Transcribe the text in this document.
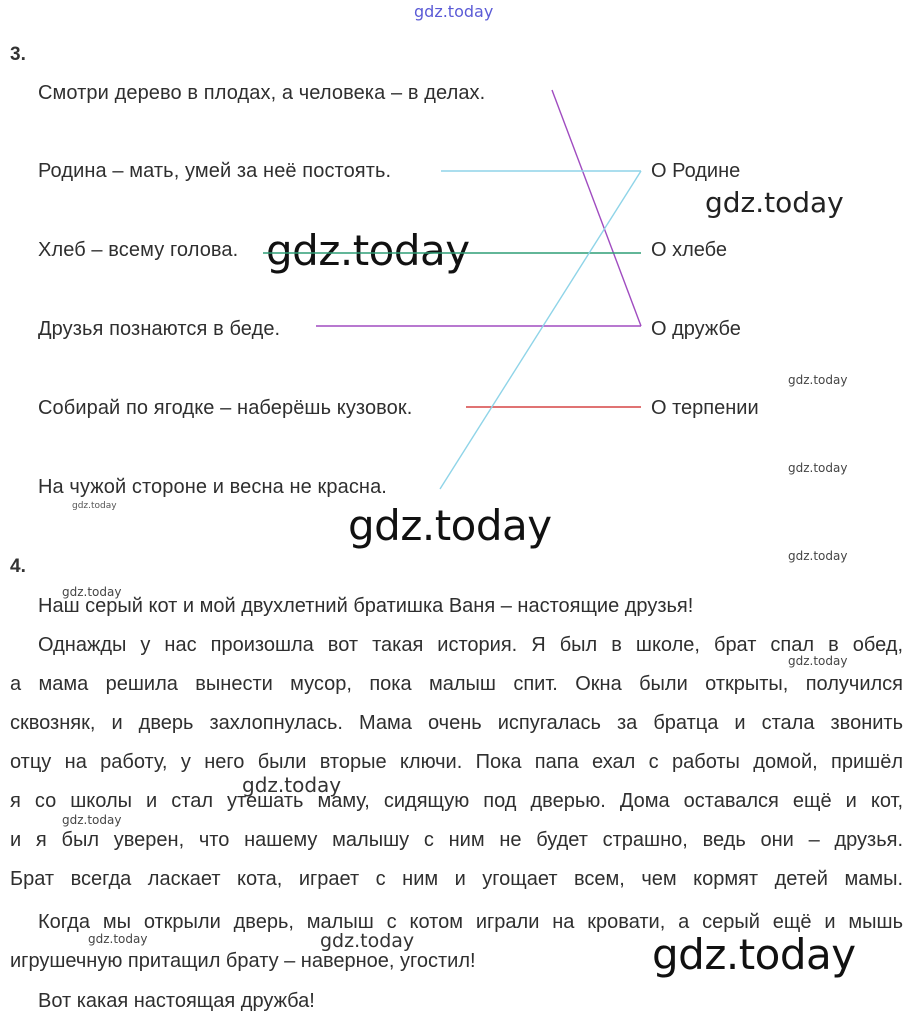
gdz.today
gdz.today
gdz.today
gdz.today
gdz.today
gdz.today	gdz.today
gdz.today
gdz.today
gdz.today
gdz.today
gdz.today
gdz.today	gdz.today	gdz.today
3.
Смотри дерево в плодах, а человека – в делах.
Родина – мать, умей за неё постоять.
Хлеб – всему голова.
Друзья познаются в беде.
Собирай по ягодке – наберёшь кузовок.
На чужой стороне и весна не красна.
О Родине
О хлебе
О дружбе
О терпении
4.
Наш серый кот и мой двухлетний братишка Ваня – настоящие друзья!
Однажды у нас произошла вот такая история. Я был в школе, брат спал в обед,
а мама решила вынести мусор, пока малыш спит. Окна были открыты, получился
сквозняк, и дверь захлопнулась. Мама очень испугалась за братца и стала звонить
отцу на работу, у него были вторые ключи. Пока папа ехал с работы домой, пришёл
я со школы и стал утешать маму, сидящую под дверью. Дома оставался ещё и кот,
и я был уверен, что нашему малышу с ним не будет страшно, ведь они – друзья.
Брат всегда ласкает кота, играет с ним и угощает всем, чем кормят детей мамы.
Когда мы открыли дверь, малыш с котом играли на кровати, а серый ещё и мышь
игрушечную притащил брату – наверное, угостил!
Вот какая настоящая дружба!
